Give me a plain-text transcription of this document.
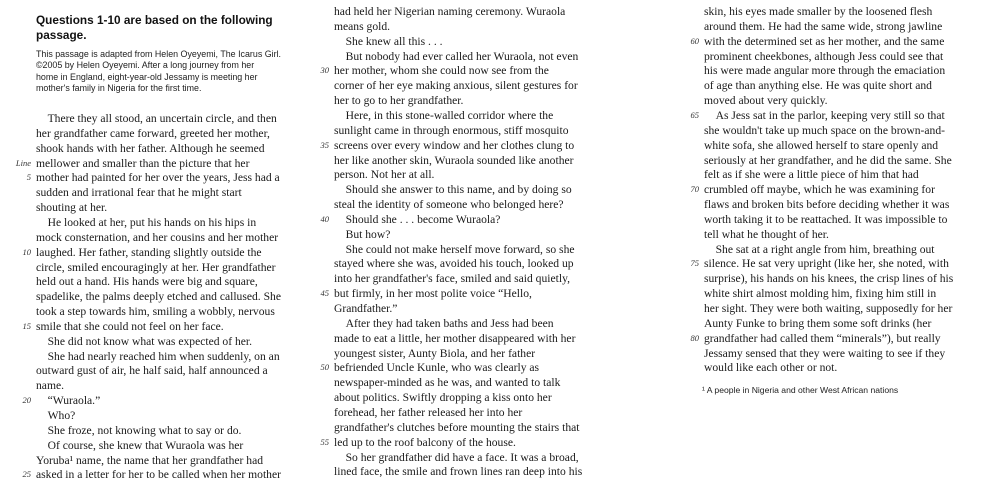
Questions 1-10 are based on the following passage.
This passage is adapted from Helen Oyeyemi, The Icarus Girl.
©2005 by Helen Oyeyemi. After a long journey from her
home in England, eight-year-old Jessamy is meeting her
mother's family in Nigeria for the first time.
 There they all stood, an uncertain circle, and then
her grandfather came forward, greeted her mother,
shook hands with her father. Although he seemed
mellower and smaller than the picture that her
Line
mother had painted for her over the years, Jess had a
5
sudden and irrational fear that he might start
shouting at her.
 He looked at her, put his hands on his hips in
mock consternation, and her cousins and her mother
laughed. Her father, standing slightly outside the
10
circle, smiled encouragingly at her. Her grandfather
held out a hand. His hands were big and square,
spadelike, the palms deeply etched and callused. She
took a step towards him, smiling a wobbly, nervous
smile that she could not feel on her face.
15
 She did not know what was expected of her.
 She had nearly reached him when suddenly, on an
outward gust of air, he half said, half announced a
name.
 “Wuraola.”
20
 Who?
 She froze, not knowing what to say or do.
 Of course, she knew that Wuraola was her
Yoruba¹ name, the name that her grandfather had
asked in a letter for her to be called when her mother
25
had held her Nigerian naming ceremony. Wuraola
means gold.
 She knew all this . . .
 But nobody had ever called her Wuraola, not even
her mother, whom she could now see from the
30
corner of her eye making anxious, silent gestures for
her to go to her grandfather.
 Here, in this stone-walled corridor where the
sunlight came in through enormous, stiff mosquito
screens over every window and her clothes clung to
35
her like another skin, Wuraola sounded like another
person. Not her at all.
 Should she answer to this name, and by doing so
steal the identity of someone who belonged here?
 Should she . . . become Wuraola?
40
 But how?
 She could not make herself move forward, so she
stayed where she was, avoided his touch, looked up
into her grandfather's face, smiled and said quietly,
but firmly, in her most polite voice “Hello,
45
Grandfather.”
 After they had taken baths and Jess had been
made to eat a little, her mother disappeared with her
youngest sister, Aunty Biola, and her father
befriended Uncle Kunle, who was clearly as
50
newspaper-minded as he was, and wanted to talk
about politics. Swiftly dropping a kiss onto her
forehead, her father released her into her
grandfather's clutches before mounting the stairs that
led up to the roof balcony of the house.
55
 So her grandfather did have a face. It was a broad,
lined face, the smile and frown lines ran deep into his
skin, his eyes made smaller by the loosened flesh
around them. He had the same wide, strong jawline
with the determined set as her mother, and the same
60
prominent cheekbones, although Jess could see that
his were made angular more through the emaciation
of age than anything else. He was quite short and
moved about very quickly.
 As Jess sat in the parlor, keeping very still so that
65
she wouldn't take up much space on the brown-and-
white sofa, she allowed herself to stare openly and
seriously at her grandfather, and he did the same. She
felt as if she were a little piece of him that had
crumbled off maybe, which he was examining for
70
flaws and broken bits before deciding whether it was
worth taking it to be reattached. It was impossible to
tell what he thought of her.
 She sat at a right angle from him, breathing out
silence. He sat very upright (like her, she noted, with
75
surprise), his hands on his knees, the crisp lines of his
white shirt almost molding him, fixing him still in
her sight. They were both waiting, supposedly for her
Aunty Funke to bring them some soft drinks (her
grandfather had called them “minerals”), but really
80
Jessamy sensed that they were waiting to see if they
would like each other or not.
¹ A people in Nigeria and other West African nations
